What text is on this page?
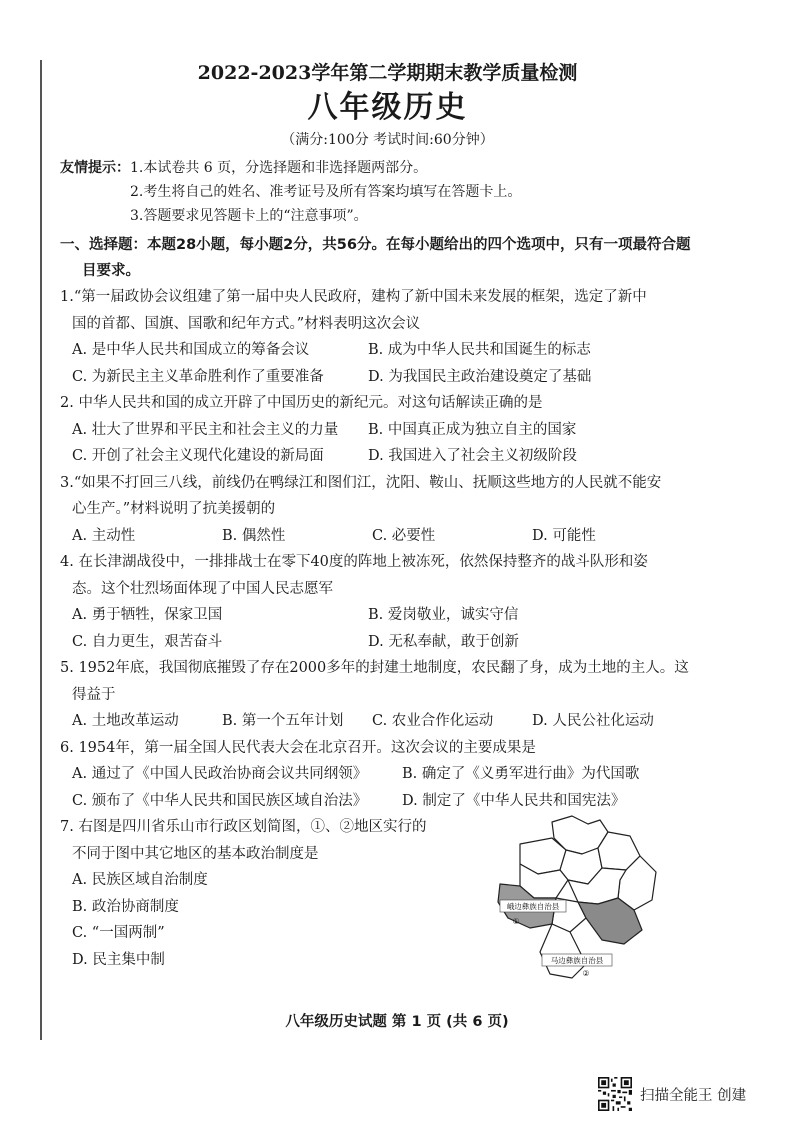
2022-2023学年第二学期期末教学质量检测

八年级历史

（满分:100分 考试时间:60分钟）

友情提示： 1.本试卷共 6 页，分选择题和非选择题两部分。
2.考生将自己的姓名、准考证号及所有答案均填写在答题卡上。
3.答题要求见答题卡上的“注意事项”。
一、选择题：本题28小题，每小题2分，共56分。在每小题给出的四个选项中，只有一项最符合题
目要求。
1.“第一届政协会议组建了第一届中央人民政府，建构了新中国未来发展的框架，选定了新中
国的首都、国旗、国歌和纪年方式。”材料表明这次会议
A. 是中华人民共和国成立的筹备会议	B. 成为中华人民共和国诞生的标志
C. 为新民主主义革命胜利作了重要准备	D. 为我国民主政治建设奠定了基础
2. 中华人民共和国的成立开辟了中国历史的新纪元。对这句话解读正确的是
A. 壮大了世界和平民主和社会主义的力量	B. 中国真正成为独立自主的国家
C. 开创了社会主义现代化建设的新局面	D. 我国进入了社会主义初级阶段
3.“如果不打回三八线，前线仍在鸭绿江和图们江，沈阳、鞍山、抚顺这些地方的人民就不能安
心生产。”材料说明了抗美援朝的
A. 主动性	B. 偶然性	C. 必要性	D. 可能性
4. 在长津湖战役中，一排排战士在零下40度的阵地上被冻死，依然保持整齐的战斗队形和姿
态。这个壮烈场面体现了中国人民志愿军
A. 勇于牺牲，保家卫国	B. 爱岗敬业，诚实守信
C. 自力更生，艰苦奋斗	D. 无私奉献，敢于创新
5. 1952年底，我国彻底摧毁了存在2000多年的封建土地制度，农民翻了身，成为土地的主人。这
得益于
A. 土地改革运动	B. 第一个五年计划	C. 农业合作化运动	D. 人民公社化运动
6. 1954年，第一届全国人民代表大会在北京召开。这次会议的主要成果是
A. 通过了《中国人民政治协商会议共同纲领》	B. 确定了《义勇军进行曲》为代国歌
C. 颁布了《中华人民共和国民族区域自治法》	D. 制定了《中华人民共和国宪法》
7. 右图是四川省乐山市行政区划简图，①、②地区实行的
不同于图中其它地区的基本政治制度是
A. 民族区域自治制度
B. 政治协商制度
C. “一国两制”
D. 民主集中制
峨边彝族自治县
①
马边彝族自治县
②
八年级历史试题 第 1 页 (共 6 页)
扫描全能王 创建
